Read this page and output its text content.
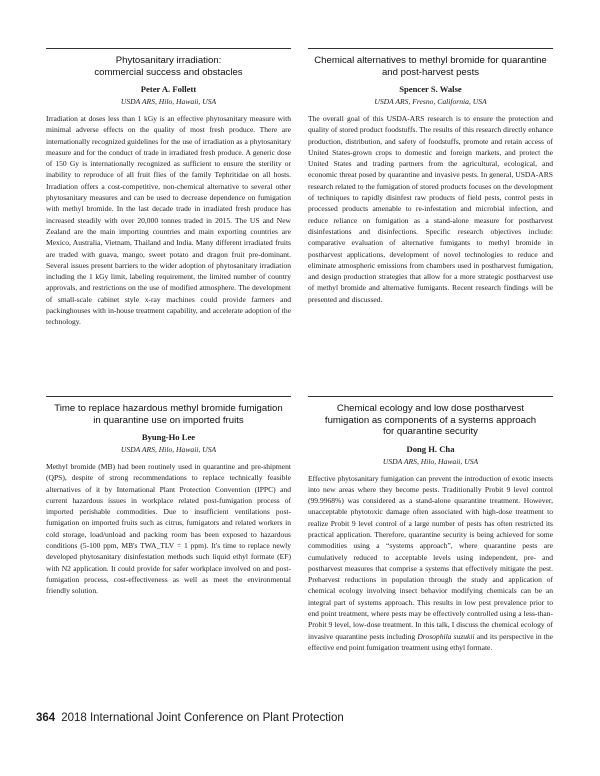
Phytosanitary irradiation:
commercial success and obstacles
Peter A. Follett
USDA ARS, Hilo, Hawaii, USA
Irradiation at doses less than 1 kGy is an effective phytosanitary measure with minimal adverse effects on the quality of most fresh produce. There are internationally recognized guidelines for the use of irradiation as a phytosanitary measure and for the conduct of trade in irradiated fresh produce. A generic dose of 150 Gy is internationally recognized as sufficient to ensure the sterility or inability to reproduce of all fruit flies of the family Tephritidae on all hosts. Irradiation offers a cost-competitive, non-chemical alternative to several other phytosanitary measures and can be used to decrease dependence on fumigation with methyl bromide. In the last decade trade in irradiated fresh produce has increased steadily with over 20,000 tonnes traded in 2015. The US and New Zealand are the main importing countries and main exporting countries are Mexico, Australia, Vietnam, Thailand and India. Many different irradiated fruits are traded with guava, mango, sweet potato and dragon fruit pre-dominant. Several issues present barriers to the wider adoption of phytosanitary irradiation including the 1 kGy limit, labeling requirement, the limited number of country approvals, and restrictions on the use of modified atmosphere. The development of small-scale cabinet style x-ray machines could provide farmers and packinghouses with in-house treatment capability, and accelerate adoption of the technology.
Chemical alternatives to methyl bromide for quarantine
and post-harvest pests
Spencer S. Walse
USDA ARS, Fresno, California, USA
The overall goal of this USDA-ARS research is to ensure the protection and quality of stored product foodstuffs. The results of this research directly enhance production, distribution, and safety of foodstuffs, promote and retain access of United States-grown crops to domestic and foreign markets, and protect the United States and trading partners from the agricultural, ecological, and economic threat posed by quarantine and invasive pests. In general, USDA-ARS research related to the fumigation of stored products focuses on the development of techniques to rapidly disinfest raw products of field pests, control pests in processed products amenable to re-infestation and microbial infection, and reduce reliance on fumigation as a stand-alone measure for postharvest disinfestations and disinfections. Specific research objectives include: comparative evaluation of alternative fumigants to methyl bromide in postharvest applications, development of novel technologies to reduce and eliminate atmospheric emissions from chambers used in postharvest fumigation, and design production strategies that allow for a more strategic postharvest use of methyl bromide and alternative fumigants. Recent research findings will be presented and discussed.
Time to replace hazardous methyl bromide fumigation
in quarantine use on imported fruits
Byung-Ho Lee
USDA ARS, Hilo, Hawaii, USA
Methyl bromide (MB) had been routinely used in quarantine and pre-shipment (QPS), despite of strong recommendations to replace technically feasible alternatives of it by International Plant Protection Convention (IPPC) and current hazardous issues in workplace related post-fumigation process of imported perishable commodities. Due to insufficient ventilations post-fumigation on imported fruits such as citrus, fumigators and related workers in cold storage, load/unload and packing room has been exposed to hazardous conditions (5-100 ppm, MB's TWA_TLV = 1 ppm). It's time to replace newly developed phytosanitary disinfestation methods such liquid ethyl formate (EF) with N2 application. It could provide for safer workplace involved on and post-fumigation process, cost-effectiveness as well as meet the environmental friendly solution.
Chemical ecology and low dose postharvest
fumigation as components of a systems approach
for quarantine security
Dong H. Cha
USDA ARS, Hilo, Hawaii, USA
Effective phytosanitary fumigation can prevent the introduction of exotic insects into new areas where they become pests. Traditionally Probit 9 level control (99.9968%) was considered as a stand-alone quarantine treatment. However, unacceptable phytotoxic damage often associated with high-dose treatment to realize Probit 9 level control of a large number of pests has often restricted its practical application. Therefore, quarantine security is being achieved for some commodities using a “systems approach”, where quarantine pests are cumulatively reduced to acceptable levels using independent, pre- and postharvest measures that comprise a systems that effectively mitigate the pest. Preharvest reductions in population through the study and application of chemical ecology involving insect behavior modifying chemicals can be an integral part of systems approach. This results in low pest prevalence prior to end point treatment, where pests may be effectively controlled using a less-than-Probit 9 level, low-dose treatment. In this talk, I discuss the chemical ecology of invasive quarantine pests including Drosophila suzukii and its perspective in the effective end point fumigation treatment using ethyl formate.
364 2018 International Joint Conference on Plant Protection
